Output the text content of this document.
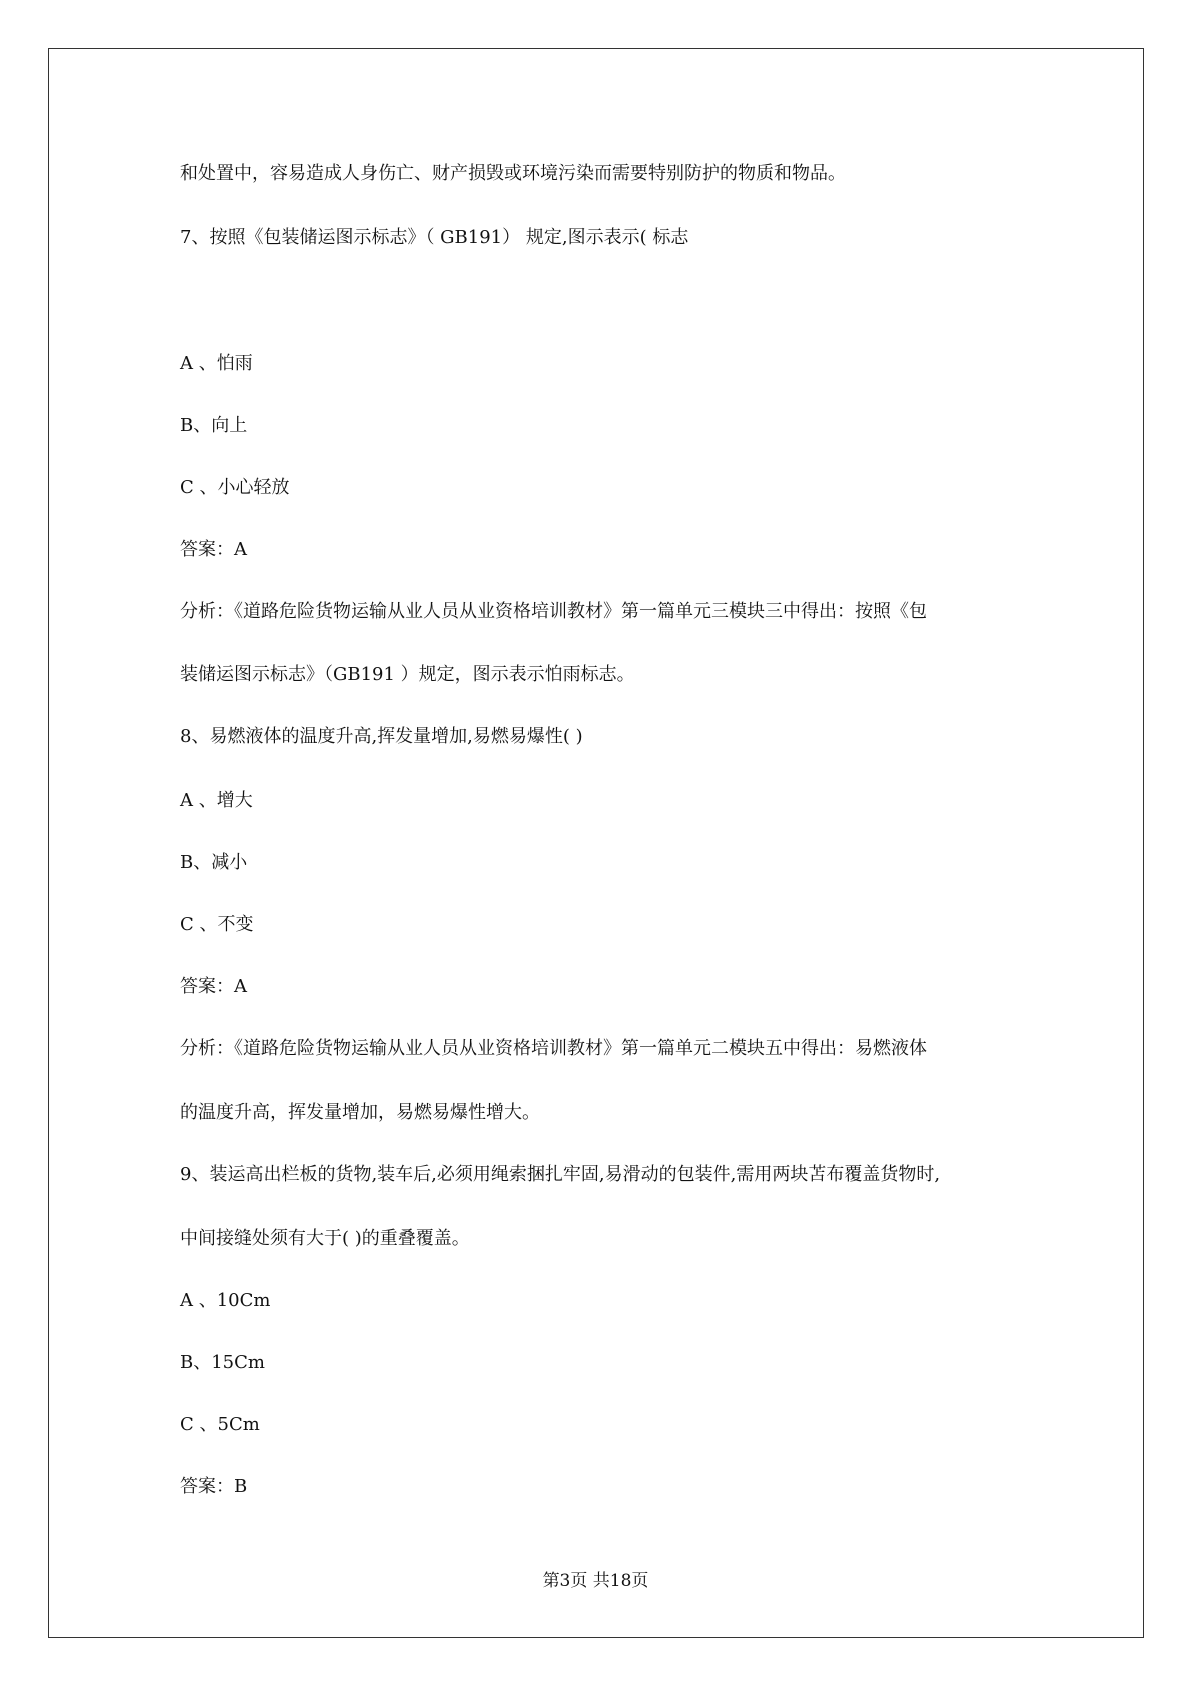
和处置中，容易造成人身伤亡、财产损毁或环境污染而需要特别防护的物质和物品。
7、按照《包装储运图示标志》（ GB191） 规定,图示表示( 标志
A 、怕雨
B、向上
C 、小心轻放
答案：A
分析：《道路危险货物运输从业人员从业资格培训教材》第一篇单元三模块三中得出：按照《包
装储运图示标志》（GB191 ）规定，图示表示怕雨标志。
8、易燃液体的温度升高,挥发量增加,易燃易爆性( )
A 、增大
B、减小
C 、不变
答案：A
分析：《道路危险货物运输从业人员从业资格培训教材》第一篇单元二模块五中得出：易燃液体
的温度升高，挥发量增加，易燃易爆性增大。
9、装运高出栏板的货物,装车后,必须用绳索捆扎牢固,易滑动的包装件,需用两块苫布覆盖货物时,
中间接缝处须有大于( )的重叠覆盖。
A 、10Cm
B、15Cm
C 、5Cm
答案：B
第3页 共18页
